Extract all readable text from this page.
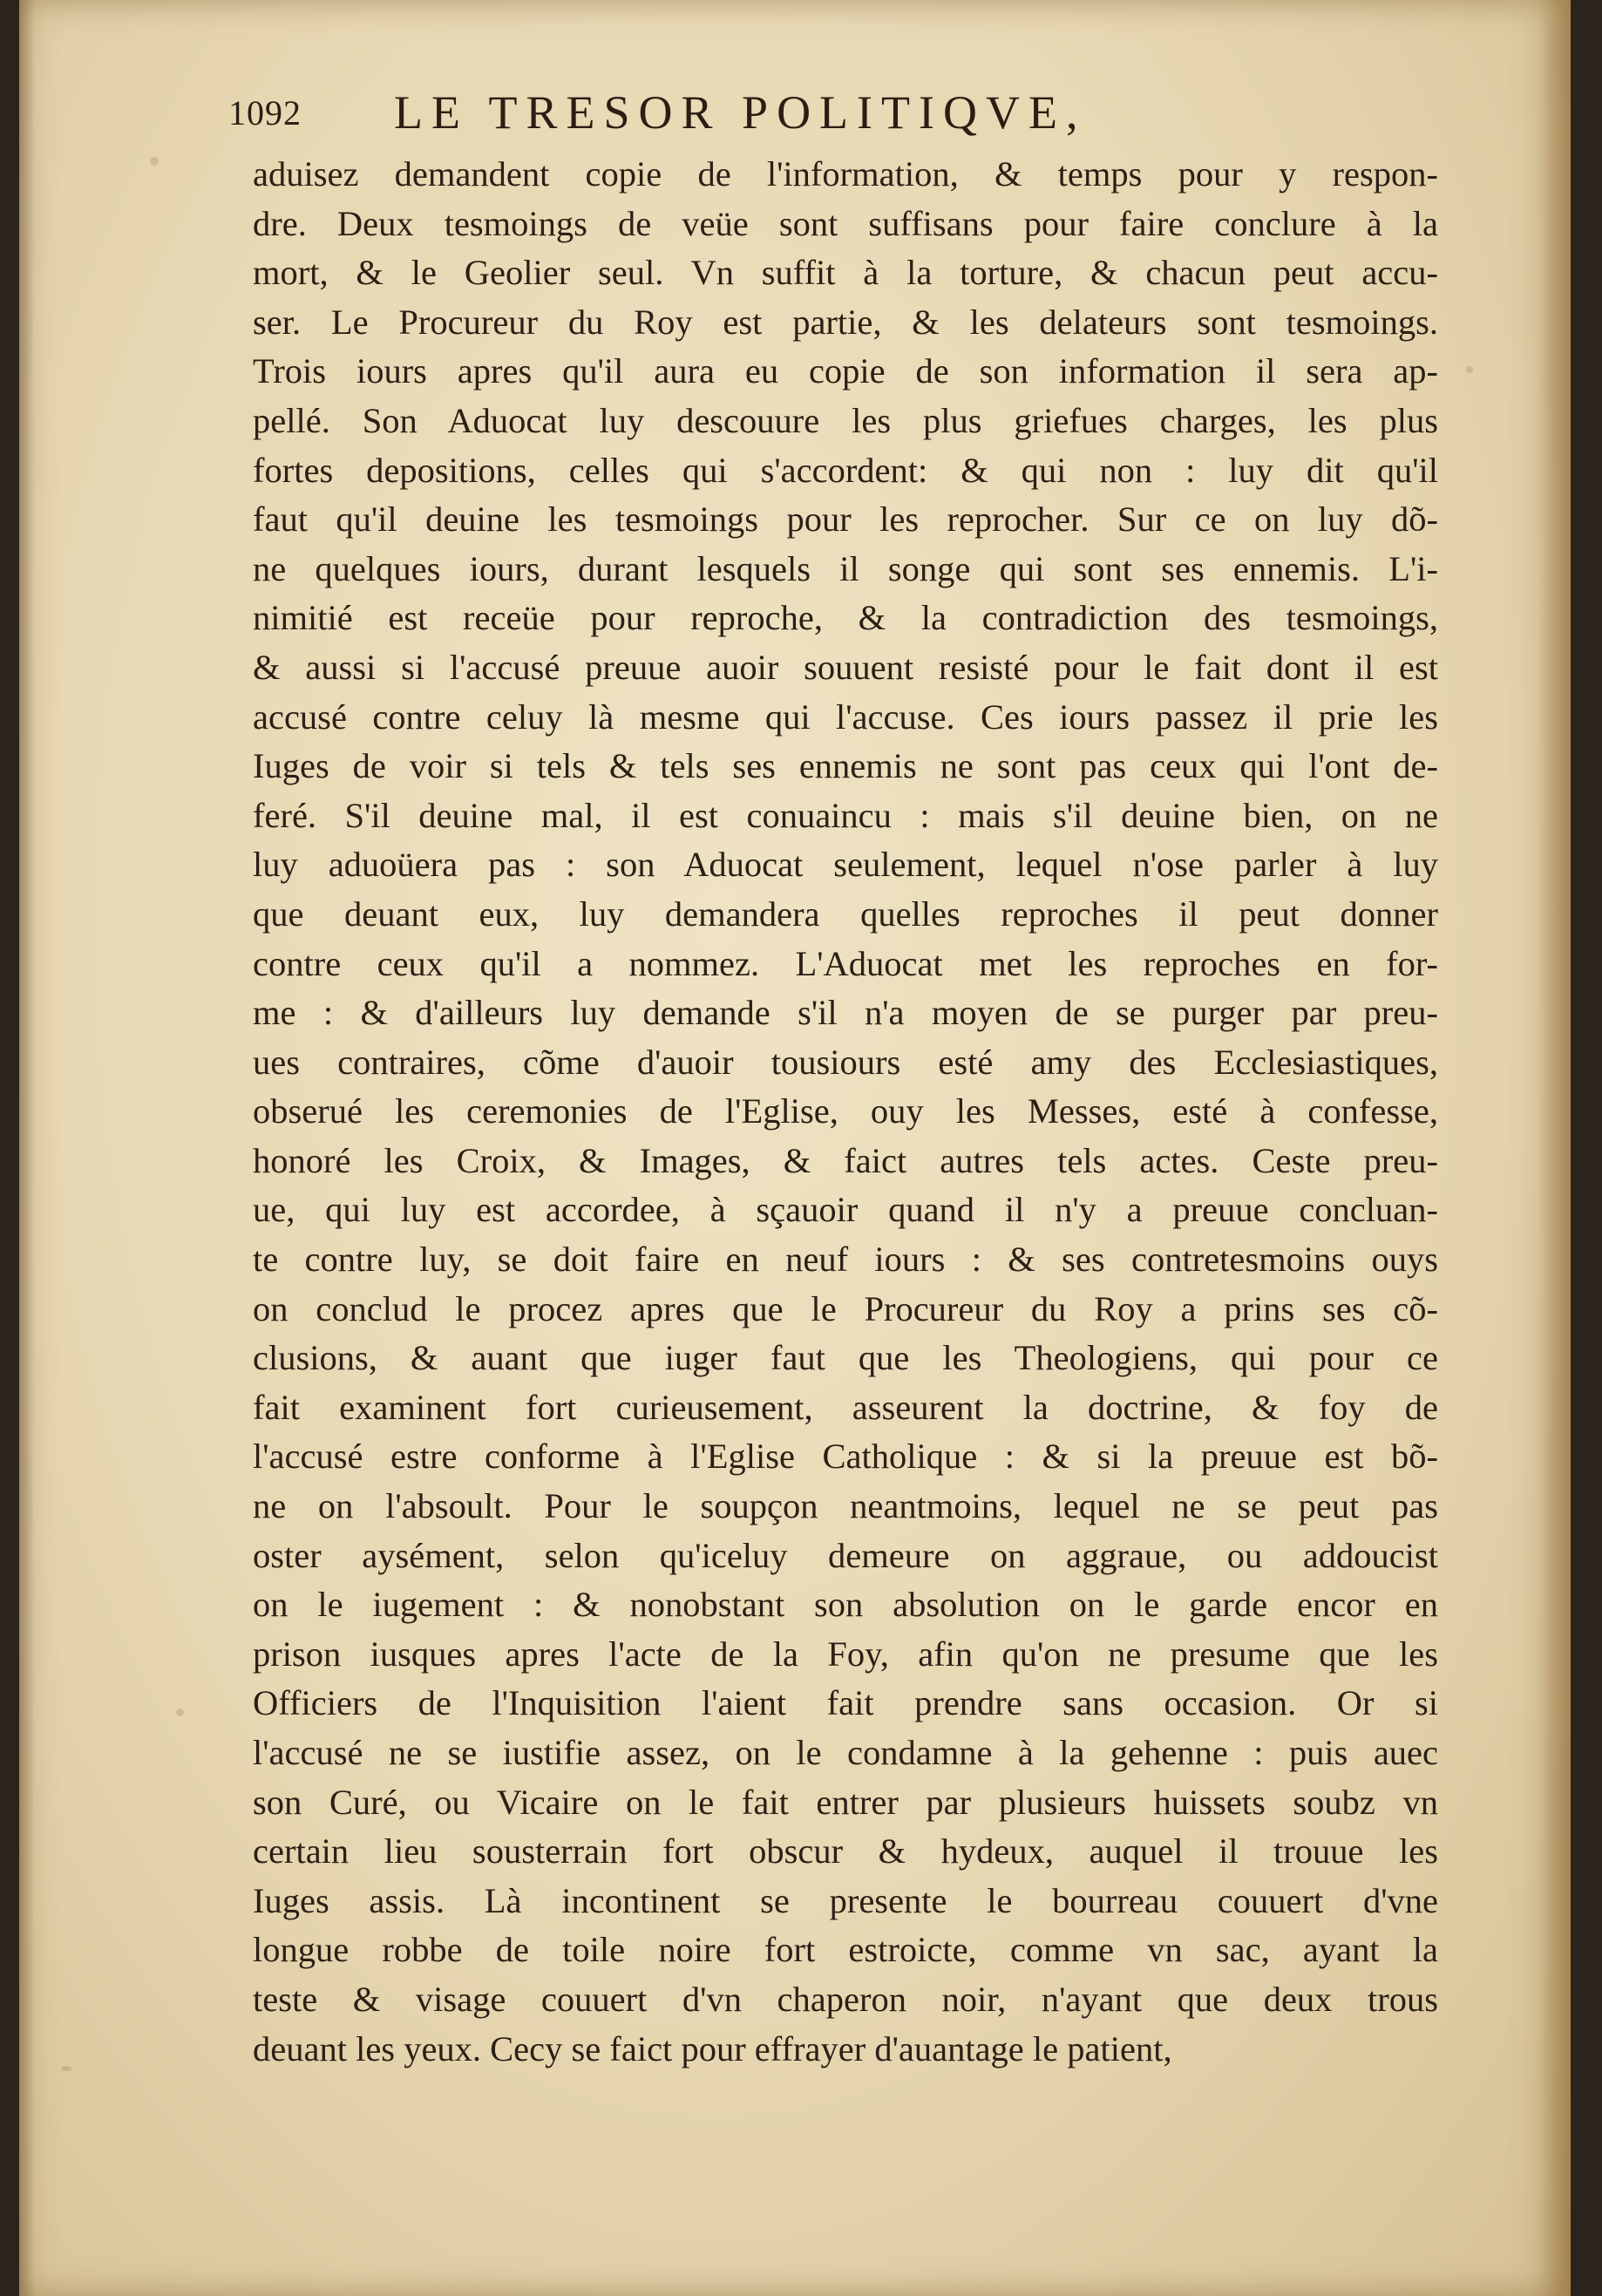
1092 LE TRESOR POLITIQVE,
aduisez demandent copie de l'information, & temps pour y respon-
dre. Deux tesmoings de veüe sont suffisans pour faire conclure à la
mort, & le Geolier seul. Vn suffit à la torture, & chacun peut accu-
ser. Le Procureur du Roy est partie, & les delateurs sont tesmoings.
Trois iours apres qu'il aura eu copie de son information il sera ap-
pellé. Son Aduocat luy descouure les plus griefues charges, les plus
fortes depositions, celles qui s'accordent: & qui non : luy dit qu'il
faut qu'il deuine les tesmoings pour les reprocher. Sur ce on luy dõ-
ne quelques iours, durant lesquels il songe qui sont ses ennemis. L'i-
nimitié est receüe pour reproche, & la contradiction des tesmoings,
& aussi si l'accusé preuue auoir souuent resisté pour le fait dont il est
accusé contre celuy là mesme qui l'accuse. Ces iours passez il prie les
Iuges de voir si tels & tels ses ennemis ne sont pas ceux qui l'ont de-
feré. S'il deuine mal, il est conuaincu : mais s'il deuine bien, on ne
luy aduoüera pas : son Aduocat seulement, lequel n'ose parler à luy
que deuant eux, luy demandera quelles reproches il peut donner
contre ceux qu'il a nommez. L'Aduocat met les reproches en for-
me : & d'ailleurs luy demande s'il n'a moyen de se purger par preu-
ues contraires, cõme d'auoir tousiours esté amy des Ecclesiastiques,
obserué les ceremonies de l'Eglise, ouy les Messes, esté à confesse,
honoré les Croix, & Images, & faict autres tels actes. Ceste preu-
ue, qui luy est accordee, à sçauoir quand il n'y a preuue concluan-
te contre luy, se doit faire en neuf iours : & ses contretesmoins ouys
on conclud le procez apres que le Procureur du Roy a prins ses cõ-
clusions, & auant que iuger faut que les Theologiens, qui pour ce
fait examinent fort curieusement, asseurent la doctrine, & foy de
l'accusé estre conforme à l'Eglise Catholique : & si la preuue est bõ-
ne on l'absoult. Pour le soupçon neantmoins, lequel ne se peut pas
oster aysément, selon qu'iceluy demeure on aggraue, ou addoucist
on le iugement : & nonobstant son absolution on le garde encor en
prison iusques apres l'acte de la Foy, afin qu'on ne presume que les
Officiers de l'Inquisition l'aient fait prendre sans occasion. Or si
l'accusé ne se iustifie assez, on le condamne à la gehenne : puis auec
son Curé, ou Vicaire on le fait entrer par plusieurs huissets soubz vn
certain lieu sousterrain fort obscur & hydeux, auquel il trouue les
Iuges assis. Là incontinent se presente le bourreau couuert d'vne
longue robbe de toile noire fort estroicte, comme vn sac, ayant la
teste & visage couuert d'vn chaperon noir, n'ayant que deux trous
deuant les yeux. Cecy se faict pour effrayer d'auantage le patient,
